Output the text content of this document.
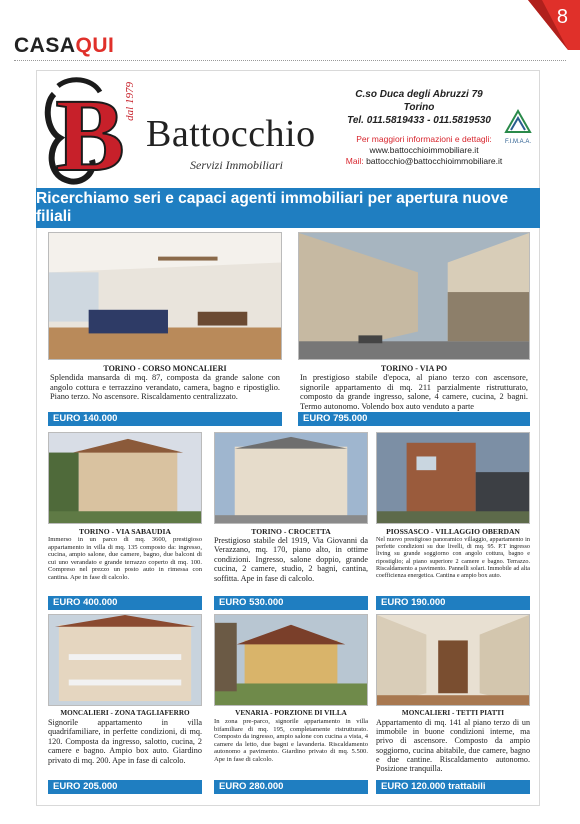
8
CASAQUI
B dal 1979
Battocchio
Servizi Immobiliari
C.so Duca degli Abruzzi 79
Torino
Tel. 011.5819433 - 011.5819530
Per maggiori informazioni e dettagli:
www.battocchioimmobiliare.it
Mail: battocchio@battocchioimmobiliare.it
F.I.M.A.A.
Ricerchiamo seri e capaci agenti immobiliari per apertura nuove filiali
TORINO - CORSO MONCALIERI
Splendida mansarda di mq. 87, composta da grande salone con angolo cottura e terrazzino verandato, camera, bagno e ripostiglio. Piano terzo. No ascensore. Riscaldamento centralizzato.
EURO 140.000
TORINO - VIA PO
In prestigioso stabile d'epoca, al piano terzo con ascensore, signorile appartamento di mq. 211 parzialmente ristrutturato, composto da grande ingresso, salone, 4 camere, cucina, 2 bagni. Termo autonomo. Volendo box auto venduto a parte
EURO 795.000
TORINO - VIA SABAUDIA
Immerso in un parco di mq. 3600, prestigioso appartamento in villa di mq. 135 composto da: ingresso, cucina, ampio salone, due camere, bagno, due balconi di cui uno verandato e grande terrazzo coperto di mq. 100. Compreso nel prezzo un posto auto in rimessa con cantina. Ape in fase di calcolo.
EURO 400.000
TORINO - CROCETTA
Prestigioso stabile del 1919, Via Giovanni da Verazzano, mq. 170, piano alto, in ottime condizioni. Ingresso, salone doppio, grande cucina, 2 camere, studio, 2 bagni, cantina, soffitta. Ape in fase di calcolo.
EURO 530.000
PIOSSASCO - VILLAGGIO OBERDAN
Nel nuovo prestigioso panoramico villaggio, appartamento in perfette condizioni su due livelli, di mq. 95. P.T ingresso living su grande soggiorno con angolo cottura, bagno e ripostiglio; al piano superiore 2 camere e bagno. Terrazzo. Riscaldamento a pavimento. Pannelli solari. Immobile ad alta coefficienza energetica. Cantina e ampio box auto.
EURO 190.000
MONCALIERI - ZONA TAGLIAFERRO
Signorile appartamento in villa quadrifamiliare, in perfette condizioni, di mq. 120. Composta da ingresso, salotto, cucina, 2 camere e bagno. Ampio box auto. Giardino privato di mq. 200. Ape in fase di calcolo.
EURO 205.000
VENARIA - PORZIONE DI VILLA
In zona pre-parco, signorile appartamento in villa bifamiliare di mq. 195, completamente ristrutturato. Composto da ingresso, ampio salone con cucina a vista, 4 camere da letto, due bagni e lavanderia. Riscaldamento autonomo a pavimento. Giardino privato di mq. 5.500. Ape in fase di calcolo.
EURO 280.000
MONCALIERI - TETTI PIATTI
Appartamento di mq. 141 al piano terzo di un immobile in buone condizioni interne, ma privo di ascensore. Composto da ampio soggiorno, cucina abitabile, due camere, bagno e due cantine. Riscaldamento autonomo. Posizione tranquilla.
EURO 120.000 trattabili
